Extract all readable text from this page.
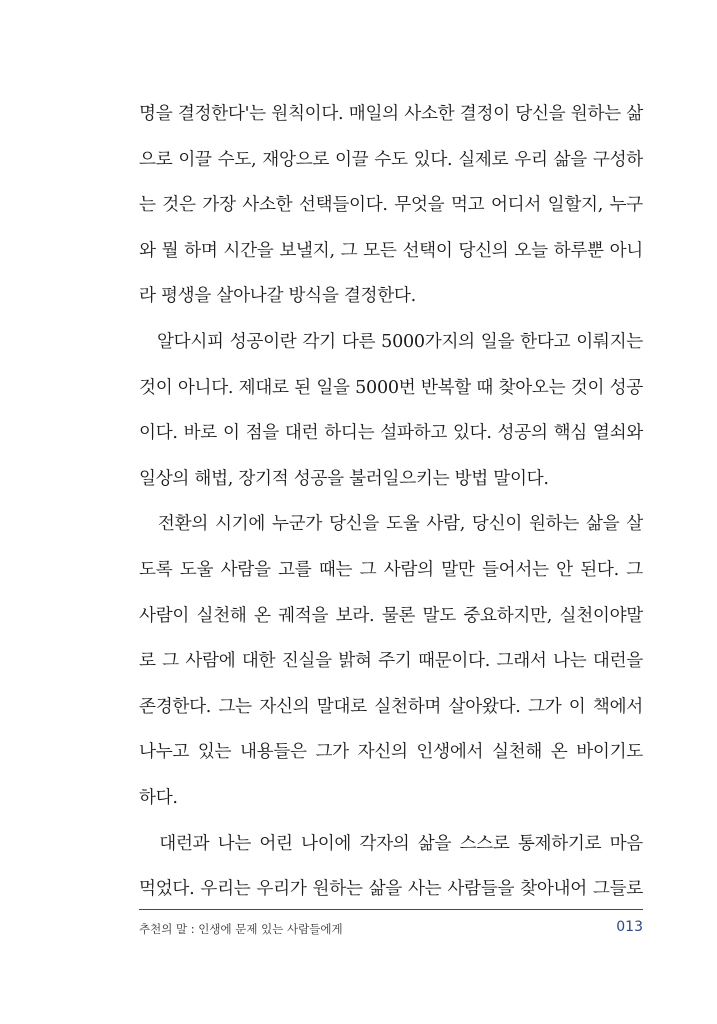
명을 결정한다'는 원칙이다. 매일의 사소한 결정이 당신을 원하는 삶
으로 이끌 수도, 재앙으로 이끌 수도 있다. 실제로 우리 삶을 구성하
는 것은 가장 사소한 선택들이다. 무엇을 먹고 어디서 일할지, 누구
와 뭘 하며 시간을 보낼지, 그 모든 선택이 당신의 오늘 하루뿐 아니
라 평생을 살아나갈 방식을 결정한다.
　알다시피 성공이란 각기 다른 5000가지의 일을 한다고 이뤄지는
것이 아니다. 제대로 된 일을 5000번 반복할 때 찾아오는 것이 성공
이다. 바로 이 점을 대런 하디는 설파하고 있다. 성공의 핵심 열쇠와
일상의 해법, 장기적 성공을 불러일으키는 방법 말이다.
　전환의 시기에 누군가 당신을 도울 사람, 당신이 원하는 삶을 살
도록 도울 사람을 고를 때는 그 사람의 말만 들어서는 안 된다. 그
사람이 실천해 온 궤적을 보라. 물론 말도 중요하지만, 실천이야말
로 그 사람에 대한 진실을 밝혀 주기 때문이다. 그래서 나는 대런을
존경한다. 그는 자신의 말대로 실천하며 살아왔다. 그가 이 책에서
나누고 있는 내용들은 그가 자신의 인생에서 실천해 온 바이기도
하다.
　대런과 나는 어린 나이에 각자의 삶을 스스로 통제하기로 마음
먹었다. 우리는 우리가 원하는 삶을 사는 사람들을 찾아내어 그들로
추천의 말 : 인생에 문제 있는 사람들에게	013
